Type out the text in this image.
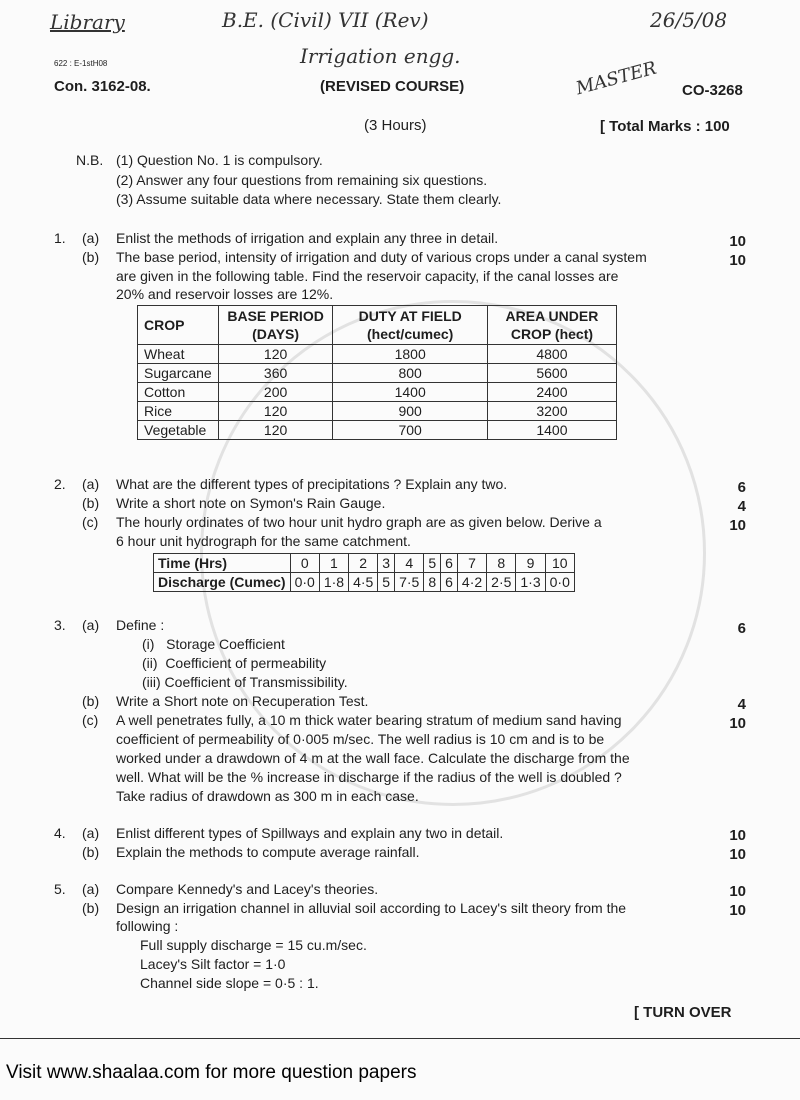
Library	B.E. (Civil) VII (Rev)	26/5/08
Irrigation engg.
622 : E-1stH08
Con. 3162-08.	(REVISED COURSE)	MASTER CO-3268
(3 Hours)	[ Total Marks : 100
N.B. (1) Question No. 1 is compulsory.
(2) Answer any four questions from remaining six questions.
(3) Assume suitable data where necessary. State them clearly.
1. (a) Enlist the methods of irrigation and explain any three in detail.	10
(b) The base period, intensity of irrigation and duty of various crops under a canal system	10
are given in the following table. Find the reservoir capacity, if the canal losses are
20% and reservoir losses are 12%.
CROP	BASE PERIOD (DAYS)	DUTY AT FIELD (hect/cumec)	AREA UNDER CROP (hect)
Wheat	120	1800	4800
Sugarcane	360	800	5600
Cotton	200	1400	2400
Rice	120	900	3200
Vegetable	120	700	1400
2. (a) What are the different types of precipitations ? Explain any two.	6
(b) Write a short note on Symon's Rain Gauge.	4
(c) The hourly ordinates of two hour unit hydro graph are as given below. Derive a	10
6 hour unit hydrograph for the same catchment.
Time (Hrs)	0	1	2	3	4	5	6	7	8	9	10
Discharge (Cumec)	0·0	1·8	4·5	5	7·5	8	6	4·2	2·5	1·3	0·0
3. (a) Define :	6
(i)   Storage Coefficient
(ii)  Coefficient of permeability
(iii) Coefficient of Transmissibility.
(b) Write a Short note on Recuperation Test.	4
(c) A well penetrates fully, a 10 m thick water bearing stratum of medium sand having	10
coefficient of permeability of 0·005 m/sec. The well radius is 10 cm and is to be
worked under a drawdown of 4 m at the wall face. Calculate the discharge from the
well. What will be the % increase in discharge if the radius of the well is doubled ?
Take radius of drawdown as 300 m in each case.
4. (a) Enlist different types of Spillways and explain any two in detail.	10
(b) Explain the methods to compute average rainfall.	10
5. (a) Compare Kennedy's and Lacey's theories.	10
(b) Design an irrigation channel in alluvial soil according to Lacey's silt theory from the	10
following :
Full supply discharge = 15 cu.m/sec.
Lacey's Silt factor = 1·0
Channel side slope = 0·5 : 1.
[ TURN OVER
Visit www.shaalaa.com for more question papers
